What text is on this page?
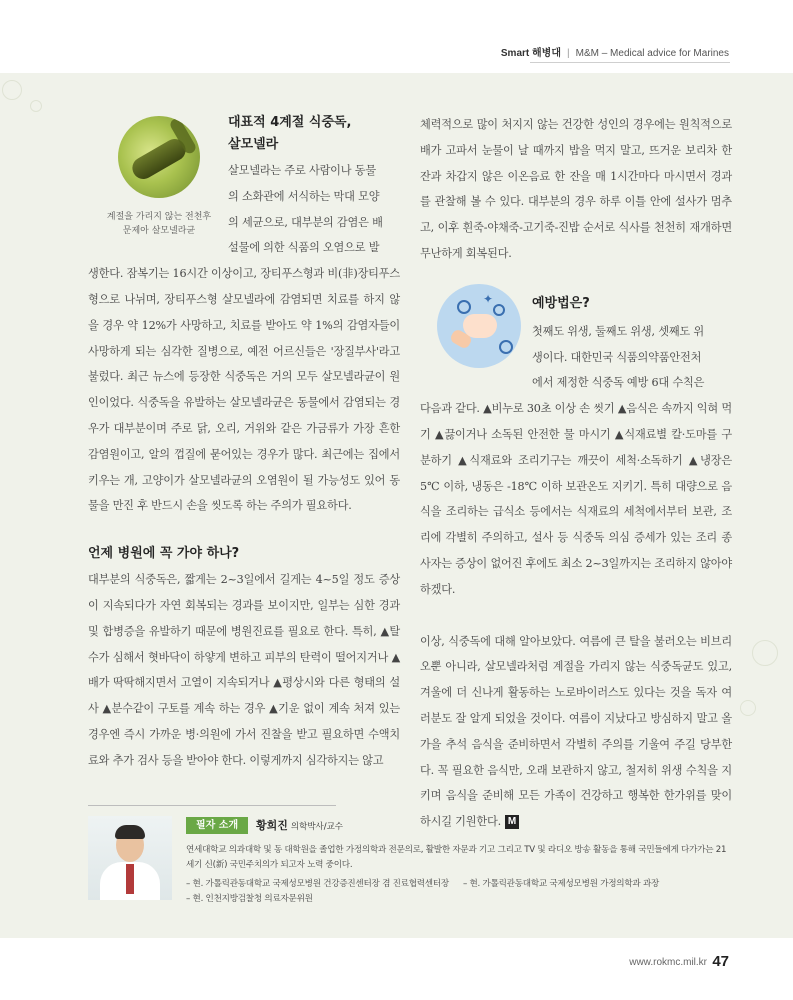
Smart 해병대 | M&M – Medical advice for Marines
계절을 가리지 않는 전천후
문제아 살모넬라균
대표적 4계절 식중독,
살모넬라
살모넬라는 주로 사람이나 동물
의 소화관에 서식하는 막대 모양
의 세균으로, 대부분의 감염은 배
설물에 의한 식품의 오염으로 발

생한다. 잠복기는 16시간 이상이고, 장티푸스형과 비(非)장티푸스형으로 나뉘며, 장티푸스형 살모넬라에 감염되면 치료를 하지 않을 경우 약 12%가 사망하고, 치료를 받아도 약 1%의 감염자들이 사망하게 되는 심각한 질병으로, 예전 어르신들은 '장질부사'라고 불렀다. 최근 뉴스에 등장한 식중독은 거의 모두 살모넬라균이 원인이었다. 식중독을 유발하는 살모넬라균은 동물에서 감염되는 경우가 대부분이며 주로 닭, 오리, 거위와 같은 가금류가 가장 흔한 감염원이고, 알의 껍질에 묻어있는 경우가 많다. 최근에는 집에서 키우는 개, 고양이가 살모넬라균의 오염원이 될 가능성도 있어 동물을 만진 후 반드시 손을 씻도록 하는 주의가 필요하다.

언제 병원에 꼭 가야 하나?

대부분의 식중독은, 짧게는 2~3일에서 길게는 4~5일 정도 증상이 지속되다가 자연 회복되는 경과를 보이지만, 일부는 심한 경과 및 합병증을 유발하기 때문에 병원진료를 필요로 한다. 특히, ▲탈수가 심해서 혓바닥이 하얗게 변하고 피부의 탄력이 떨어지거나 ▲배가 딱딱해지면서 고열이 지속되거나 ▲평상시와 다른 형태의 설사 ▲분수같이 구토를 계속 하는 경우 ▲기운 없이 계속 처져 있는 경우엔 즉시 가까운 병·의원에 가서 진찰을 받고 필요하면 수액치료와 추가 검사 등을 받아야 한다. 이렇게까지 심각하지는 않고

✦

체력적으로 많이 처지지 않는 건강한 성인의 경우에는 원칙적으로 배가 고파서 눈물이 날 때까지 밥을 먹지 말고, 뜨거운 보리차 한 잔과 차갑지 않은 이온음료 한 잔을 매 1시간마다 마시면서 경과를 관찰해 볼 수 있다. 대부분의 경우 하루 이틀 안에 설사가 멈추고, 이후 흰죽-야채죽-고기죽-진밥 순서로 식사를 천천히 재개하면 무난하게 회복된다.

예방법은?
첫째도 위생, 둘째도 위생, 셋째도 위
생이다. 대한민국 식품의약품안전처
에서 제정한 식중독 예방 6대 수칙은

다음과 같다. ▲비누로 30초 이상 손 씻기 ▲음식은 속까지 익혀 먹기 ▲끓이거나 소독된 안전한 물 마시기 ▲식재료별 칼·도마를 구분하기 ▲식재료와 조리기구는 깨끗이 세척·소독하기 ▲냉장은 5℃ 이하, 냉동은 -18℃ 이하 보관온도 지키기. 특히 대량으로 음식을 조리하는 급식소 등에서는 식재료의 세척에서부터 보관, 조리에 각별히 주의하고, 설사 등 식중독 의심 증세가 있는 조리 종사자는 증상이 없어진 후에도 최소 2~3일까지는 조리하지 않아야 하겠다.

이상, 식중독에 대해 알아보았다. 여름에 큰 탈을 불러오는 비브리오뿐 아니라, 살모넬라처럼 계절을 가리지 않는 식중독균도 있고, 겨울에 더 신나게 활동하는 노로바이러스도 있다는 것을 독자 여러분도 잘 알게 되었을 것이다. 여름이 지났다고 방심하지 말고 올 가을 추석 음식을 준비하면서 각별히 주의를 기울여 주길 당부한다. 꼭 필요한 음식만, 오래 보관하지 않고, 철저히 위생 수칙을 지키며 음식을 준비해 모든 가족이 건강하고 행복한 한가위를 맞이하시길 기원한다. M

필자 소개	황희진 의학박사/교수

연세대학교 의과대학 및 동 대학원을 졸업한 가정의학과 전문의로, 활발한 자문과 기고 그리고 TV 및 라디오 방송 활동을 통해 국민들에게 다가가는 21세기 신(新) 국민주치의가 되고자 노력 중이다.

– 현. 가톨릭관동대학교 국제성모병원 건강증진센터장 겸 진료협력센터장 – 현. 가톨릭관동대학교 국제성모병원 가정의학과 과장
– 현. 인천지방검찰청 의료자문위원
www.rokmc.mil.kr 47
